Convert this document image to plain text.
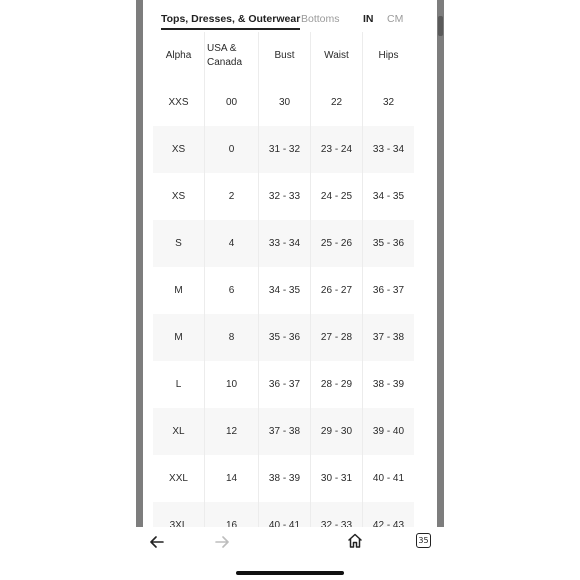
Tops, Dresses, & Outerwear Bottoms IN CM
Alpha	USA & Canada	Bust	Waist	Hips
XXS	00	30	22	32
XS	0	31 - 32	23 - 24	33 - 34
XS	2	32 - 33	24 - 25	34 - 35
S	4	33 - 34	25 - 26	35 - 36
M	6	34 - 35	26 - 27	36 - 37
M	8	35 - 36	27 - 28	37 - 38
L	10	36 - 37	28 - 29	38 - 39
XL	12	37 - 38	29 - 30	39 - 40
XXL	14	38 - 39	30 - 31	40 - 41
3XL	16	40 - 41	32 - 33	42 - 43
35
